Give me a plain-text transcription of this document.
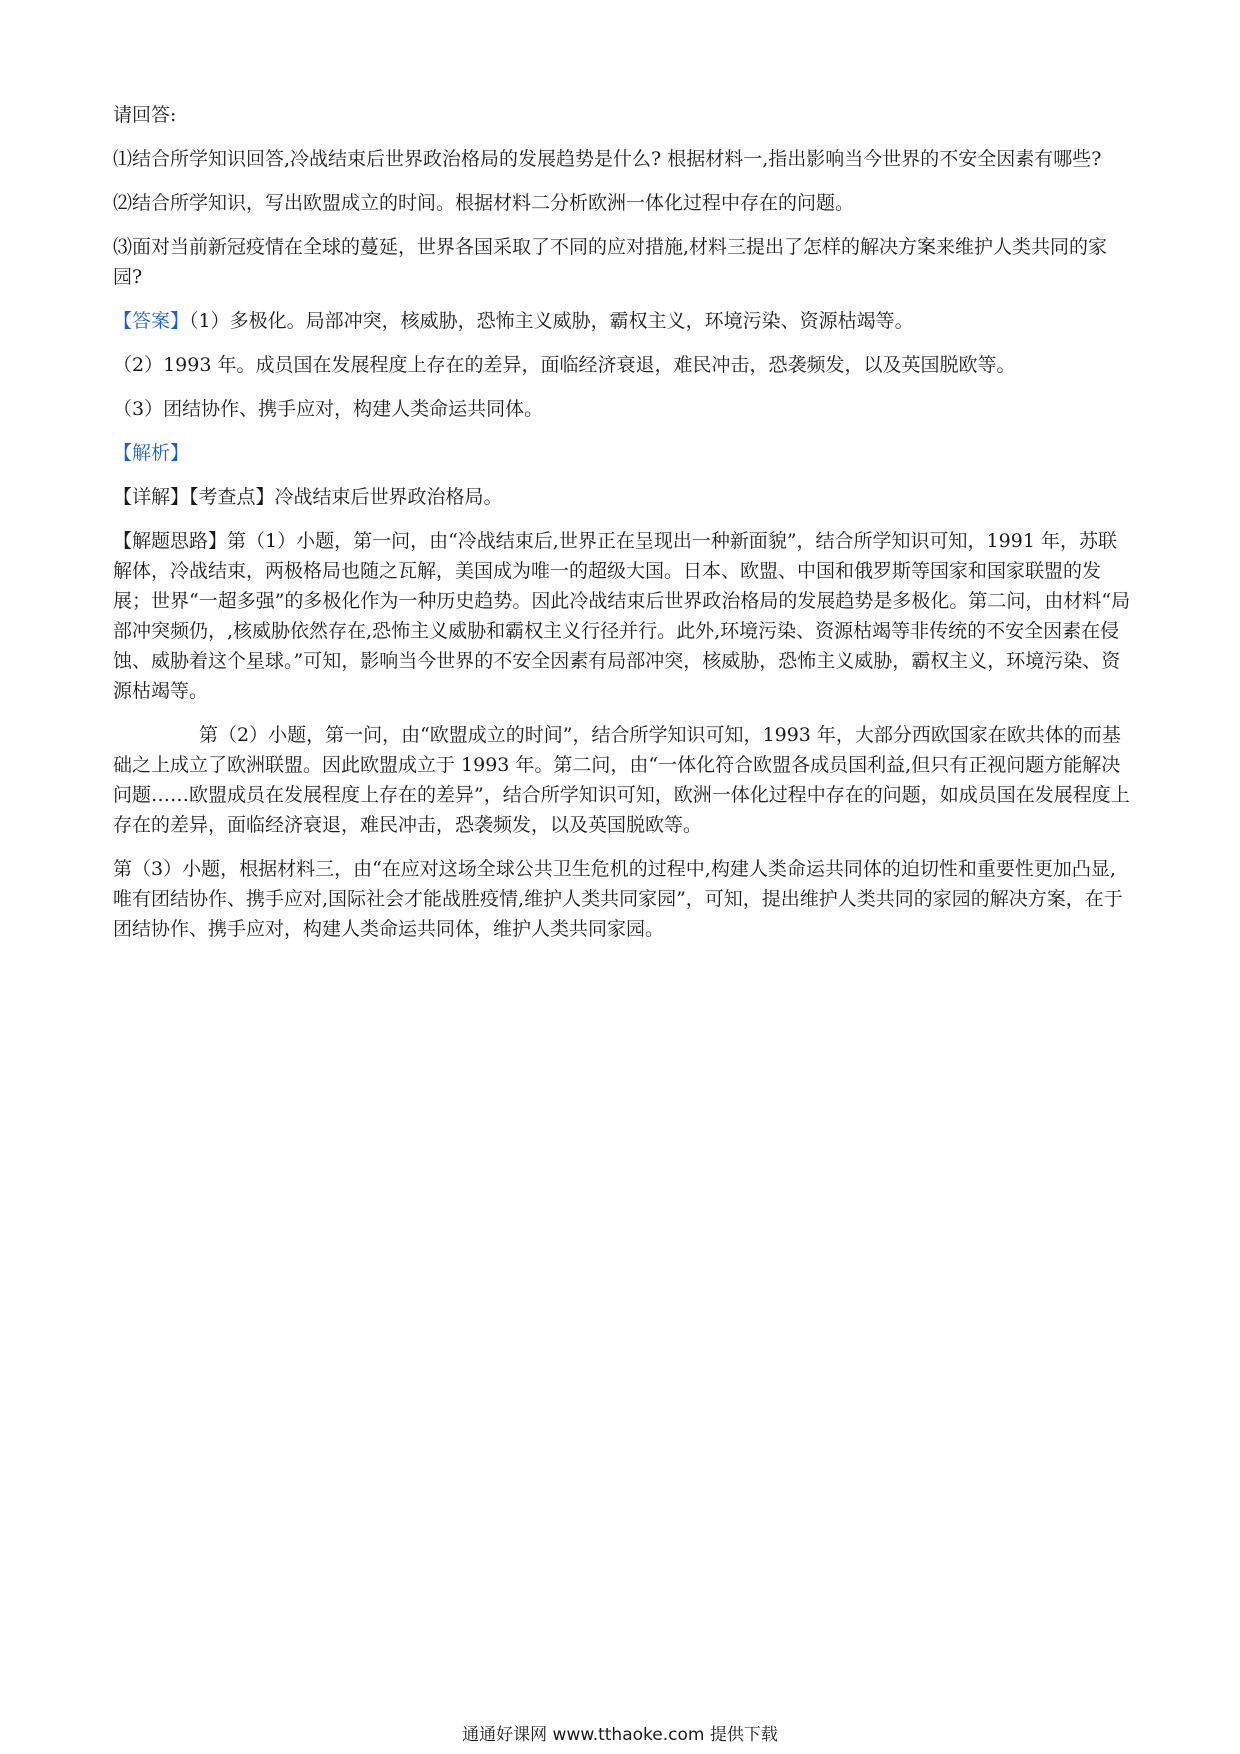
请回答:

⑴结合所学知识回答,冷战结束后世界政治格局的发展趋势是什么? 根据材料一,指出影响当今世界的不安全因素有哪些?

⑵结合所学知识，写出欧盟成立的时间。根据材料二分析欧洲一体化过程中存在的问题。

⑶面对当前新冠疫情在全球的蔓延，世界各国采取了不同的应对措施,材料三提出了怎样的解决方案来维护人类共同的家园?

【答案】（1）多极化。局部冲突，核威胁，恐怖主义威胁，霸权主义，环境污染、资源枯竭等。

（2）1993 年。成员国在发展程度上存在的差异，面临经济衰退，难民冲击，恐袭频发，以及英国脱欧等。

（3）团结协作、携手应对，构建人类命运共同体。

【解析】

【详解】【考查点】冷战结束后世界政治格局。

【解题思路】第（1）小题，第一问，由“冷战结束后,世界正在呈现出一种新面貌”，结合所学知识可知，1991 年，苏联解体，冷战结束，两极格局也随之瓦解，美国成为唯一的超级大国。日本、欧盟、中国和俄罗斯等国家和国家联盟的发展；世界“一超多强”的多极化作为一种历史趋势。因此冷战结束后世界政治格局的发展趋势是多极化。第二问，由材料“局部冲突频仍，,核威胁依然存在,恐怖主义威胁和霸权主义行径并行。此外,环境污染、资源枯竭等非传统的不安全因素在侵蚀、威胁着这个星球。”可知，影响当今世界的不安全因素有局部冲突，核威胁，恐怖主义威胁，霸权主义，环境污染、资源枯竭等。

第（2）小题，第一问，由“欧盟成立的时间”，结合所学知识可知，1993 年，大部分西欧国家在欧共体的而基础之上成立了欧洲联盟。因此欧盟成立于 1993 年。第二问，由“一体化符合欧盟各成员国利益,但只有正视问题方能解决问题……欧盟成员在发展程度上存在的差异”，结合所学知识可知，欧洲一体化过程中存在的问题，如成员国在发展程度上存在的差异，面临经济衰退，难民冲击，恐袭频发，以及英国脱欧等。

第（3）小题，根据材料三，由“在应对这场全球公共卫生危机的过程中,构建人类命运共同体的迫切性和重要性更加凸显,唯有团结协作、携手应对,国际社会才能战胜疫情,维护人类共同家园”，可知，提出维护人类共同的家园的解决方案，在于团结协作、携手应对，构建人类命运共同体，维护人类共同家园。

通通好课网 www.tthaoke.com 提供下载
